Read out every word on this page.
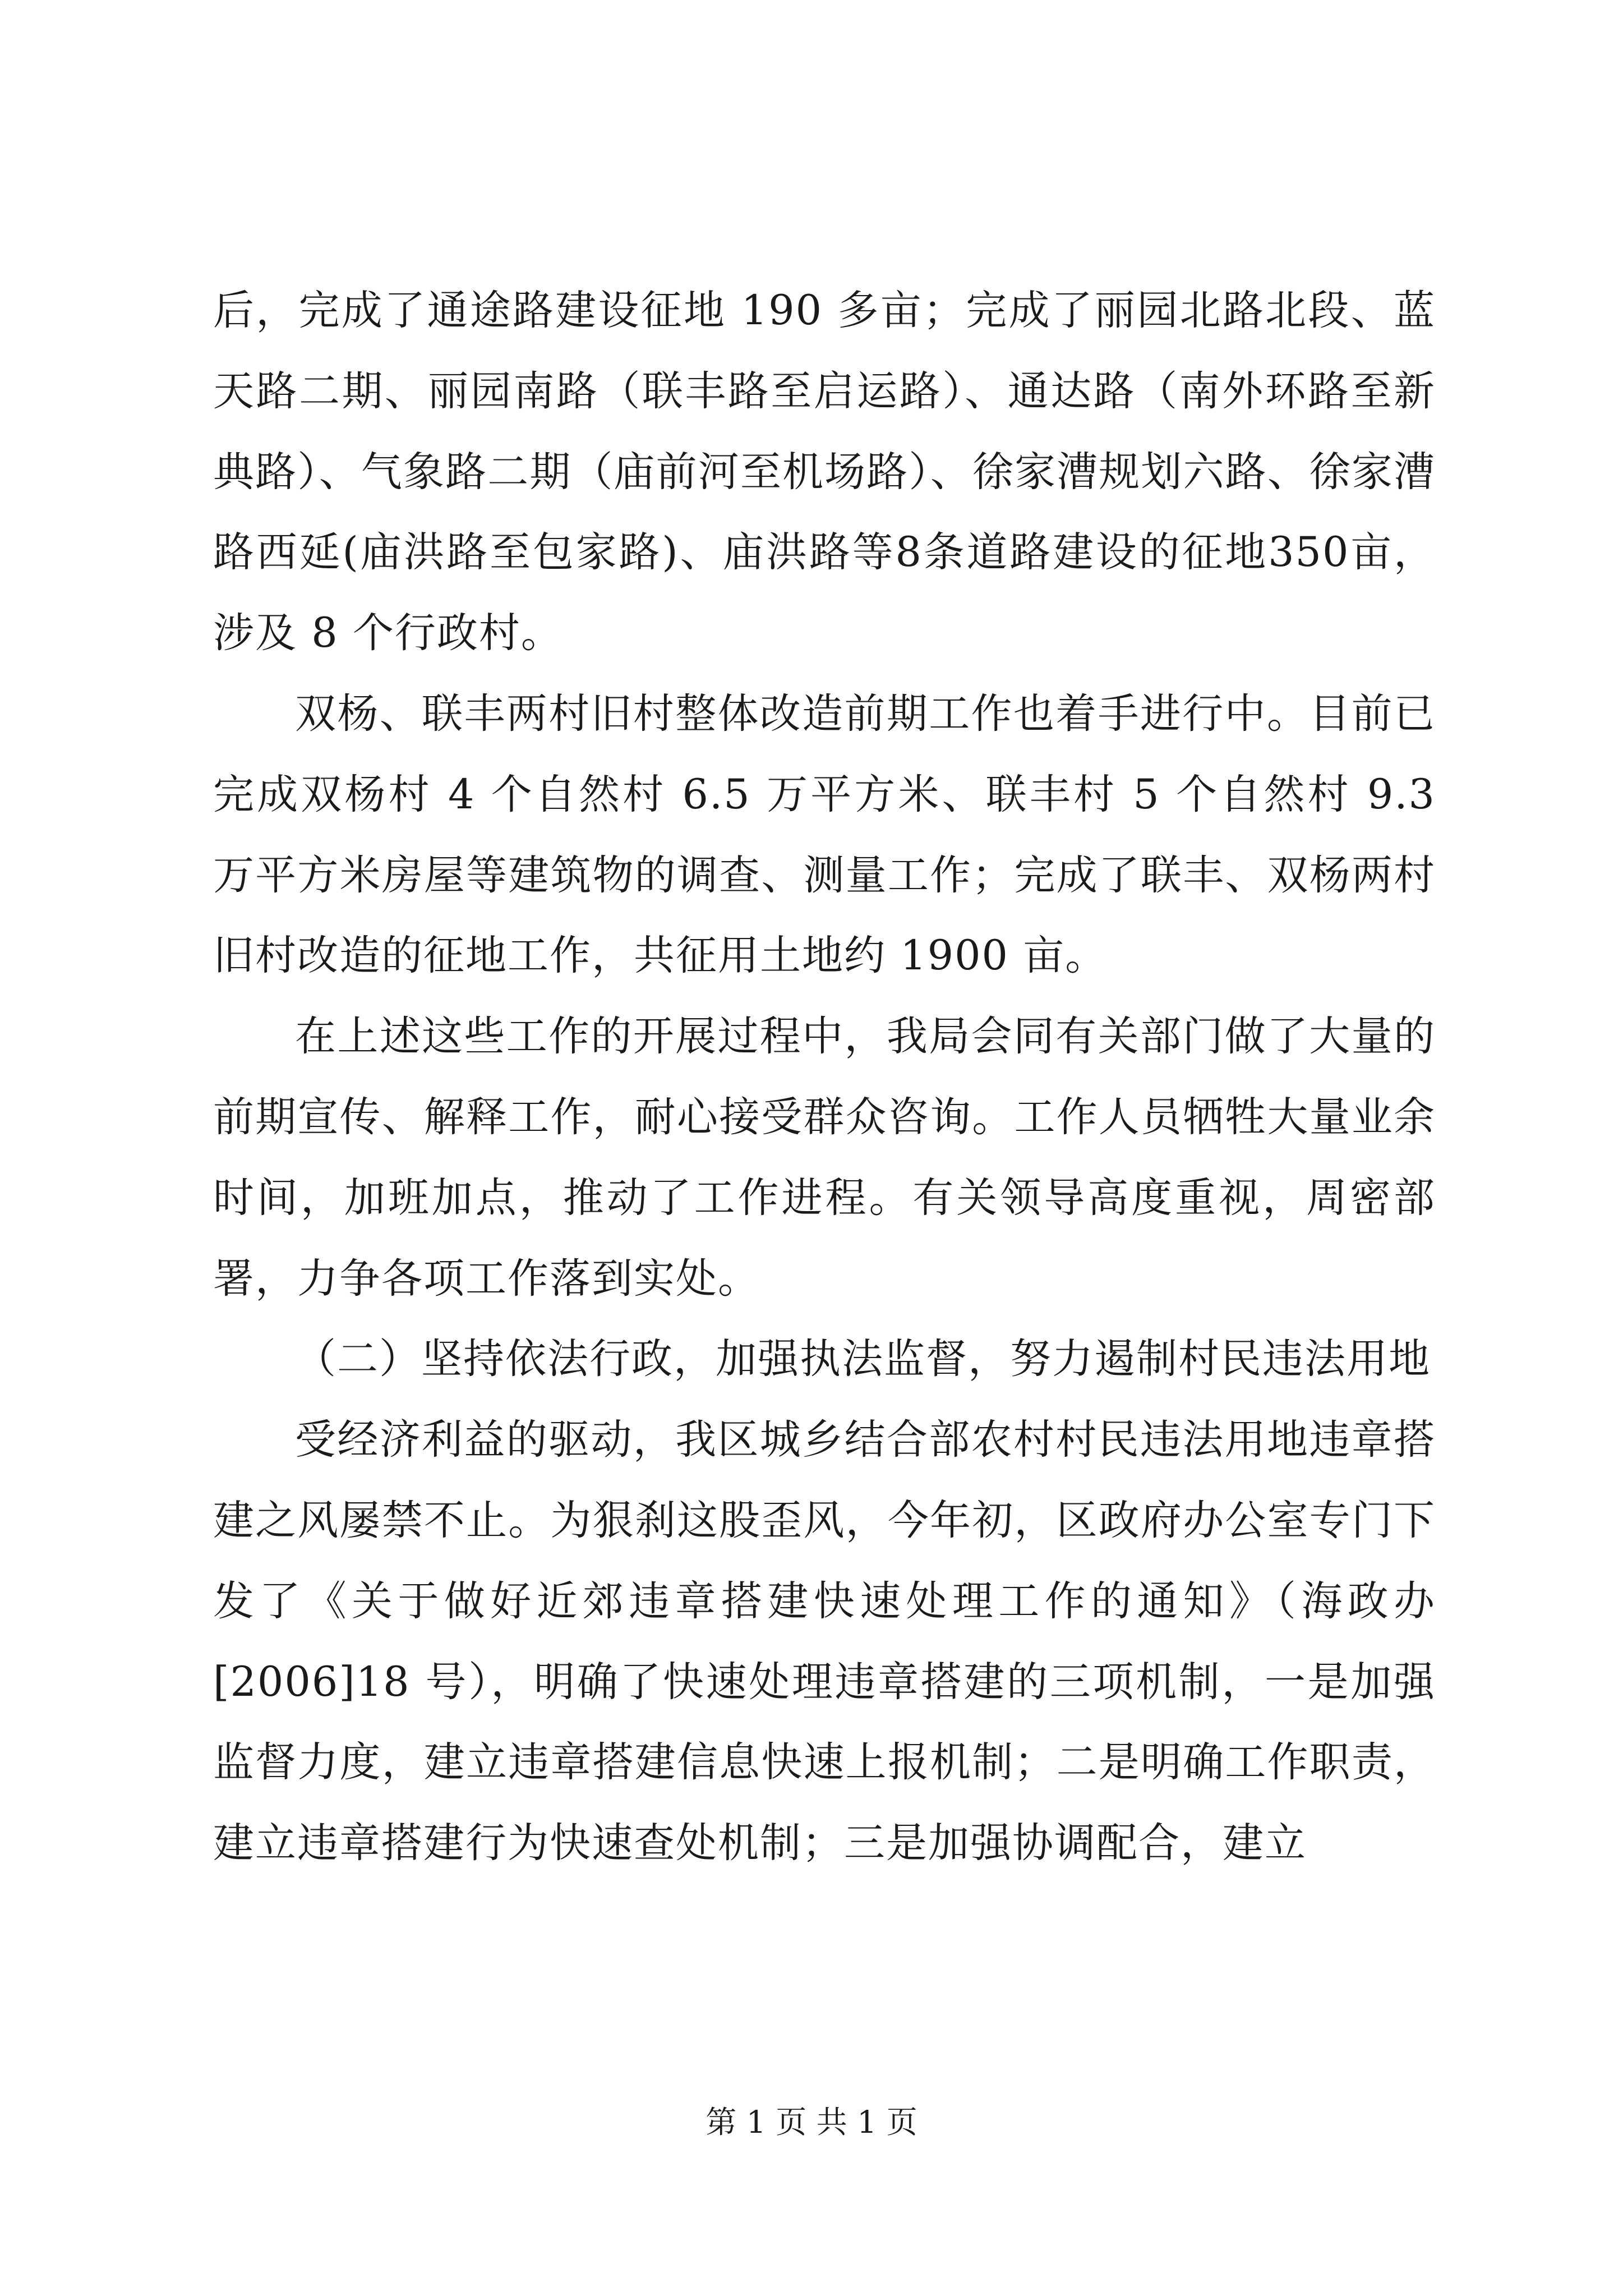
后，完成了通途路建设征地 190 多亩；完成了丽园北路北段、蓝天路二期、丽园南路（联丰路至启运路）、通达路（南外环路至新典路）、气象路二期（庙前河至机场路）、徐家漕规划六路、徐家漕路西延(庙洪路至包家路)、庙洪路等8条道路建设的征地350亩，涉及 8 个行政村。

双杨、联丰两村旧村整体改造前期工作也着手进行中。目前已完成双杨村 4 个自然村 6.5 万平方米、联丰村 5 个自然村 9.3 万平方米房屋等建筑物的调查、测量工作；完成了联丰、双杨两村旧村改造的征地工作，共征用土地约 1900 亩。

在上述这些工作的开展过程中，我局会同有关部门做了大量的前期宣传、解释工作，耐心接受群众咨询。工作人员牺牲大量业余时间，加班加点，推动了工作进程。有关领导高度重视，周密部署，力争各项工作落到实处。

（二）坚持依法行政，加强执法监督，努力遏制村民违法用地

受经济利益的驱动，我区城乡结合部农村村民违法用地违章搭建之风屡禁不止。为狠刹这股歪风，今年初，区政府办公室专门下发了《关于做好近郊违章搭建快速处理工作的通知》（海政办[2006]18 号），明确了快速处理违章搭建的三项机制，一是加强监督力度，建立违章搭建信息快速上报机制；二是明确工作职责，建立违章搭建行为快速查处机制；三是加强协调配合，建立

第 1 页 共 1 页
